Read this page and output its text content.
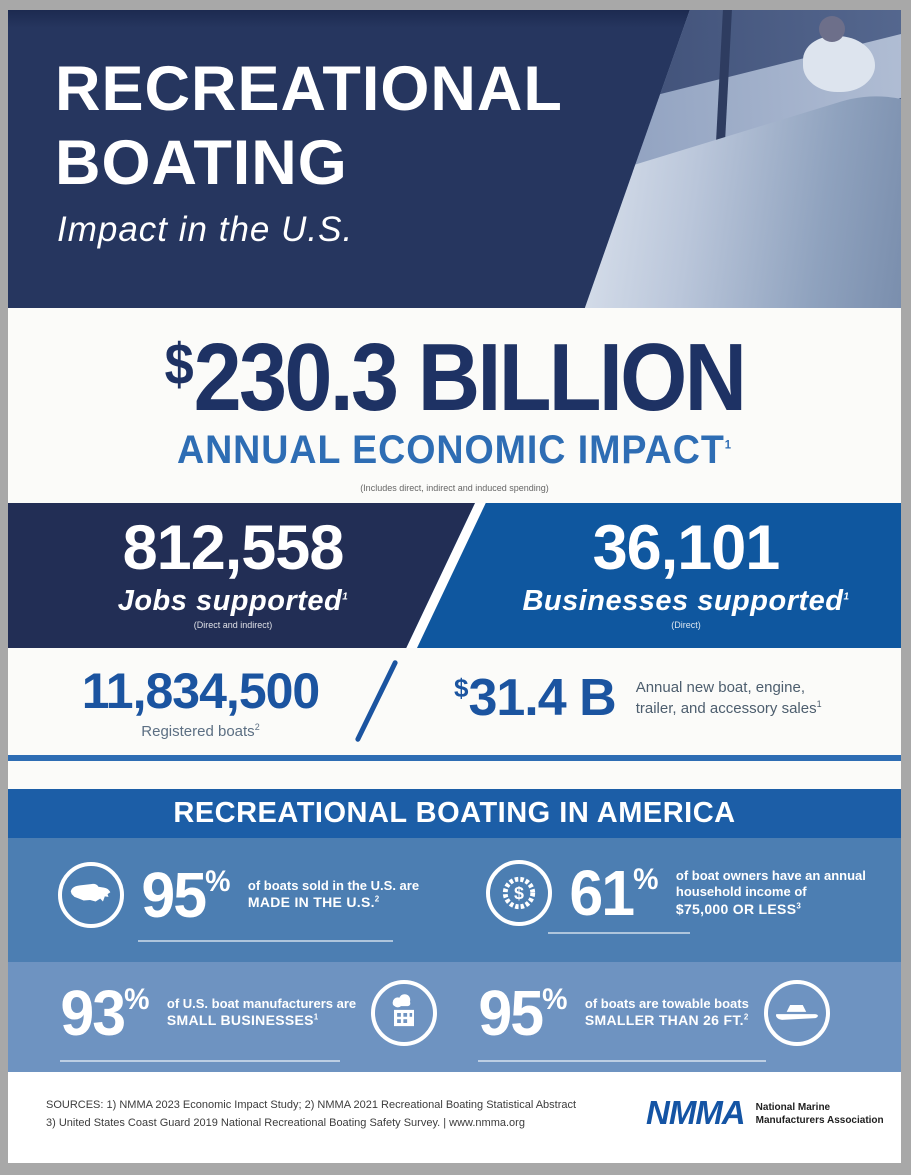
RECREATIONAL
BOATING
Impact in the U.S.
$ 230.3 BILLION
ANNUAL ECONOMIC IMPACT$^1$
(Includes direct, indirect and induced spending)
812,558
Jobs supported$^1$
(Direct and indirect)
36,101
Businesses supported$^1$
(Direct)
11,834,500
Registered boats$^2$
$ 31.4 B Annual new boat, engine,
trailer, and accessory sales$^1$
RECREATIONAL BOATING IN AMERICA
95 % of boats sold in the U.S. are
MADE IN THE U.S.$^2$	$ 61 % of boat owners have an annual
household income of
$75,000 OR LESS$^3$
93 % of U.S. boat manufacturers are
SMALL BUSINESSES$^1$	95 % of boats are towable boats
SMALLER THAN 26 FT.$^2$
SOURCES: 1) NMMA 2023 Economic Impact Study; 2) NMMA 2021 Recreational Boating Statistical Abstract
3) United States Coast Guard 2019 National Recreational Boating Safety Survey. | www.nmma.org	NMMA National Marine
Manufacturers Association
